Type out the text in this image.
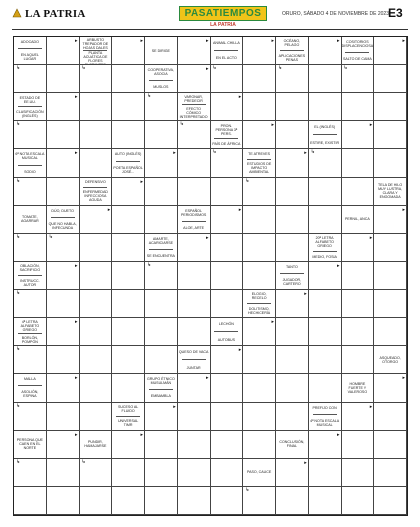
LA PATRIA	PASATIEMPOS
LA PATRIA
ORURO, SÁBADO 4 DE NOVIEMBRE DE 2023 E3
ADOCADO
EN AQUEL LUGAR
▸	ARBUSTO TREPADOR DE HOJAS DALES
PLANTA ACUÁTICA DE FLORES FLOTANTES
▸
SE DIRIGE
▸ ANIMAL CHILLA
EN EL ACTO
▸	OCÉANO, PELAGO
APLICACIONES PENAS
▸	COSITORIOS DISPLACENCIOSA
SALTO DE CAMA
▸
↳	↳	COOPERATIVA, ASOCIA
MUSLOS
▸ ↳	↳	↳
ESTADO DE EE.UU.
CLASIFICACIÓN (INGLÉS)
▸	↳	VARONAR, PREDECIR
EFECTO CÓMICO INTERPRETADO
▸
↳	↳	PRON. PERSONA 3ª PERS.
PAÍS DE ÁFRICA
▸	EL (INGLÉS)
ESTIRE, EXISTIR
▸
6ª NOTA ESCALA MUSICAL
SODIO
▸	AUTO (INGLÉS)
POETA ESPAÑOL JOSÉ...
▸	↳	TE ATREVES
ESTUDIOS DE IMPACTO AMBIENTAL
▸ ↳
↳	DEFENSIVO
ENFERMEDAD INFECCIOSA AGUDA
▸	↳
TELA DE HILO MUY LUSTRA, CLARA Y ENGOMADA
TOMATE, AGARRAR
DÚO, DUETO
QUE NO HABLA, INFECUNDA
▸	ESPAÑOL PERIODISMOS
ALOE, ARTE
▸
PERNIL, ANCA
▸
↳	↳	AMARTE, ACARICIARSE
SE ENCUENTRA
▸	20ª LETRA ALFABETO GRIEGO
MEDIO, FOSIA
▸
OBLACIÓN, SACRIFICIO
INSTRUCC. AUTOR
▸	↳	TANTO
JUGADOR, CARTERO
▸
↳	ELOGIO, RECELO
DOLITISMO, HECHICERÍA
▸
4ª LETRA ALFABETO GRIEGO
BORLÓN, POMPÓN
▸	LECHÓN
AUTOBUS
▸
↳	QUESO DE VACA
JUNTAR
▸
ASQUEADO, OTORGO
MALLA
ASOLIÓN, ESPINA
▸	GRUPO ÉTNICO MUSULMÁN
EMBAMBLA
▸
HOMBRE FUERTE Y VALEROSO
▸
↳	SUCESO AL FLUIDO
UNIVERSAL TIMR
▸	PREFIJO CON
4ª NOTA ESCALA MUSICAL
▸
PERSONA QUE CAEN EN EL NORTE
▸
PUNDIR, HAMAJARSE
▸
CONCLUSIÓN, FINAL
▸
↳	↳
PASO, CAUCE
▸
↳
